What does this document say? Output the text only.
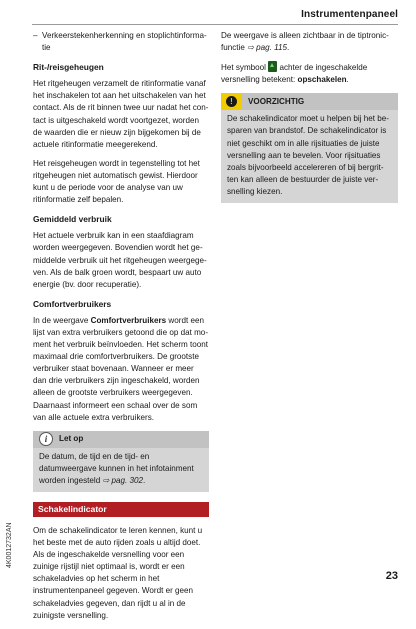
Instrumentenpaneel
– Verkeerstekenherkenning en stoplichtinformatie
Rit-/reisgeheugen

Het ritgeheugen verzamelt de ritinformatie vanaf het inschakelen tot aan het uitschakelen van het contact. Als de rit binnen twee uur nadat het contact is uitgeschakeld wordt voortgezet, worden de waarden die er nieuw zijn bijgekomen bij de actuele ritinformatie meegerekend.

Het reisgeheugen wordt in tegenstelling tot het ritgeheugen niet automatisch gewist. Hierdoor kunt u de periode voor de analyse van uw ritinformatie zelf bepalen.

Gemiddeld verbruik

Het actuele verbruik kan in een staafdiagram worden weergegeven. Bovendien wordt het gemiddelde verbruik uit het ritgeheugen weergegeven. Als de balk groen wordt, bespaart uw auto energie (bv. door recuperatie).

Comfortverbruikers

In de weergave Comfortverbruikers wordt een lijst van extra verbruikers getoond die op dat moment het verbruik beïnvloeden. Het scherm toont maximaal drie comfortverbruikers. De grootste verbruiker staat bovenaan. Wanneer er meer dan drie verbruikers zijn ingeschakeld, worden alleen de grootste verbruikers weergegeven. Daarnaast informeert een schaal over de som van alle actuele extra verbruikers.

i	Let op
De datum, de tijd en de tijd- en datumweergave kunnen in het infotainment worden ingesteld ⇨ pag. 302.
Schakelindicator

Om de schakelindicator te leren kennen, kunt u het beste met de auto rijden zoals u altijd doet. Als de ingeschakelde versnelling voor een zuinige rijstijl niet optimaal is, wordt er een schakeladvies op het scherm in het instrumentenpaneel gegeven. Wordt er geen schakeladvies gegeven, dan rijdt u al in de zuinigste versnelling.

De weergave is alleen zichtbaar in de tiptronicfunctie ⇨ pag. 115.

Het symbool  achter de ingeschakelde versnelling betekent: opschakelen.

!	VOORZICHTIG
De schakelindicator moet u helpen bij het besparen van brandstof. De schakelindicator is niet geschikt om in alle rijsituaties de juiste versnelling aan te bevelen. Voor rijsituaties zoals bijvoorbeeld accelereren of bij bergritten kan alleen de bestuurder de juiste versnelling kiezen.
4K0012732AN
23
